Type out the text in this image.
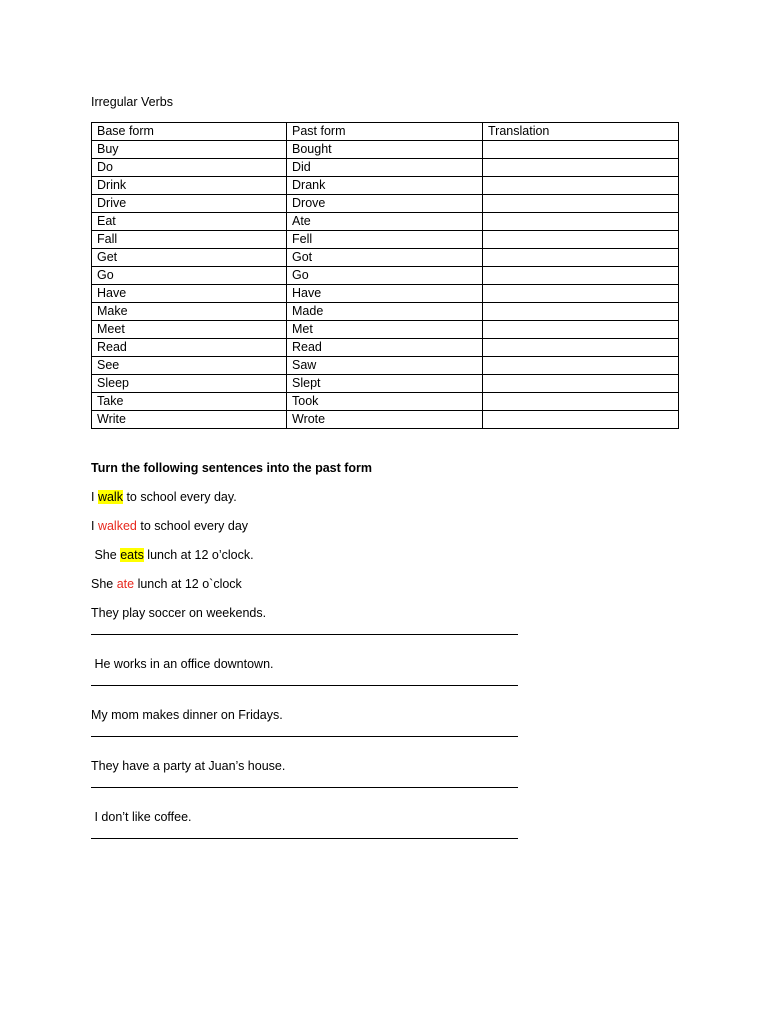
Irregular Verbs
Base form	Past form	Translation
Buy	Bought	
Do	Did	
Drink	Drank	
Drive	Drove	
Eat	Ate	
Fall	Fell	
Get	Got	
Go	Go	
Have	Have	
Make	Made	
Meet	Met	
Read	Read	
See	Saw	
Sleep	Slept	
Take	Took	
Write	Wrote	
Turn the following sentences into the past form
I walk to school every day.
I walked to school every day
She eats lunch at 12 o’clock.
She ate lunch at 12 o`clock
They play soccer on weekends.
He works in an office downtown.
My mom makes dinner on Fridays.
They have a party at Juan’s house.
I don’t like coffee.
